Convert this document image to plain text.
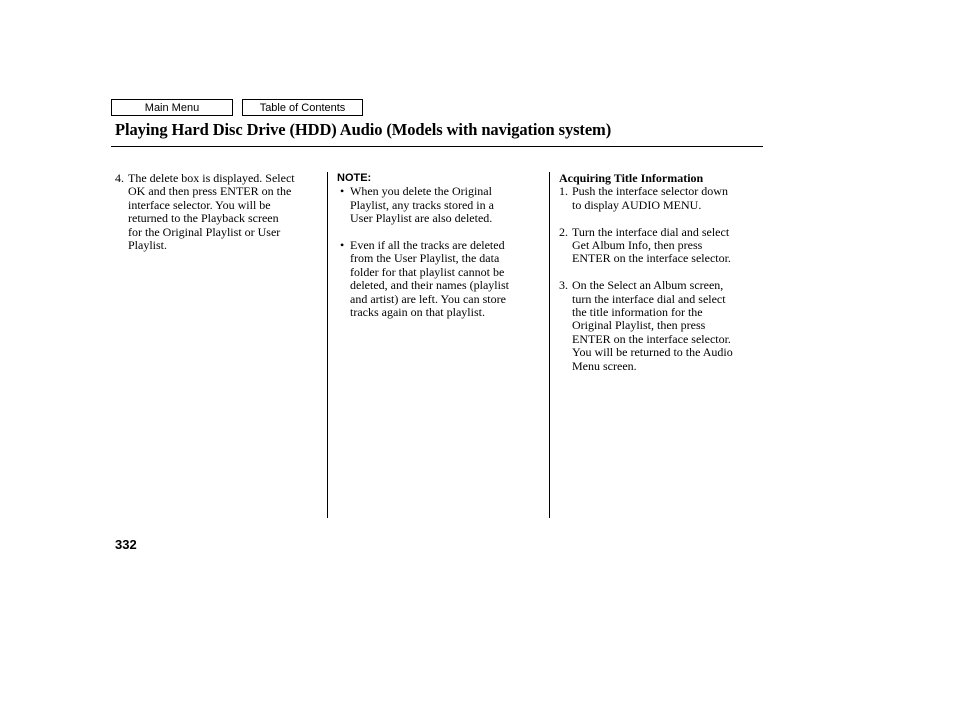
Main Menu	Table of Contents
Playing Hard Disc Drive (HDD) Audio (Models with navigation system)
4. The delete box is displayed. Select
OK and then press ENTER on the
interface selector. You will be
returned to the Playback screen
for the Original Playlist or User
Playlist.
NOTE:
• When you delete the Original
Playlist, any tracks stored in a
User Playlist are also deleted.
• Even if all the tracks are deleted
from the User Playlist, the data
folder for that playlist cannot be
deleted, and their names (playlist
and artist) are left. You can store
tracks again on that playlist.
Acquiring Title Information
1. Push the interface selector down
to display AUDIO MENU.
2. Turn the interface dial and select
Get Album Info, then press
ENTER on the interface selector.
3. On the Select an Album screen,
turn the interface dial and select
the title information for the
Original Playlist, then press
ENTER on the interface selector.
You will be returned to the Audio
Menu screen.
332
